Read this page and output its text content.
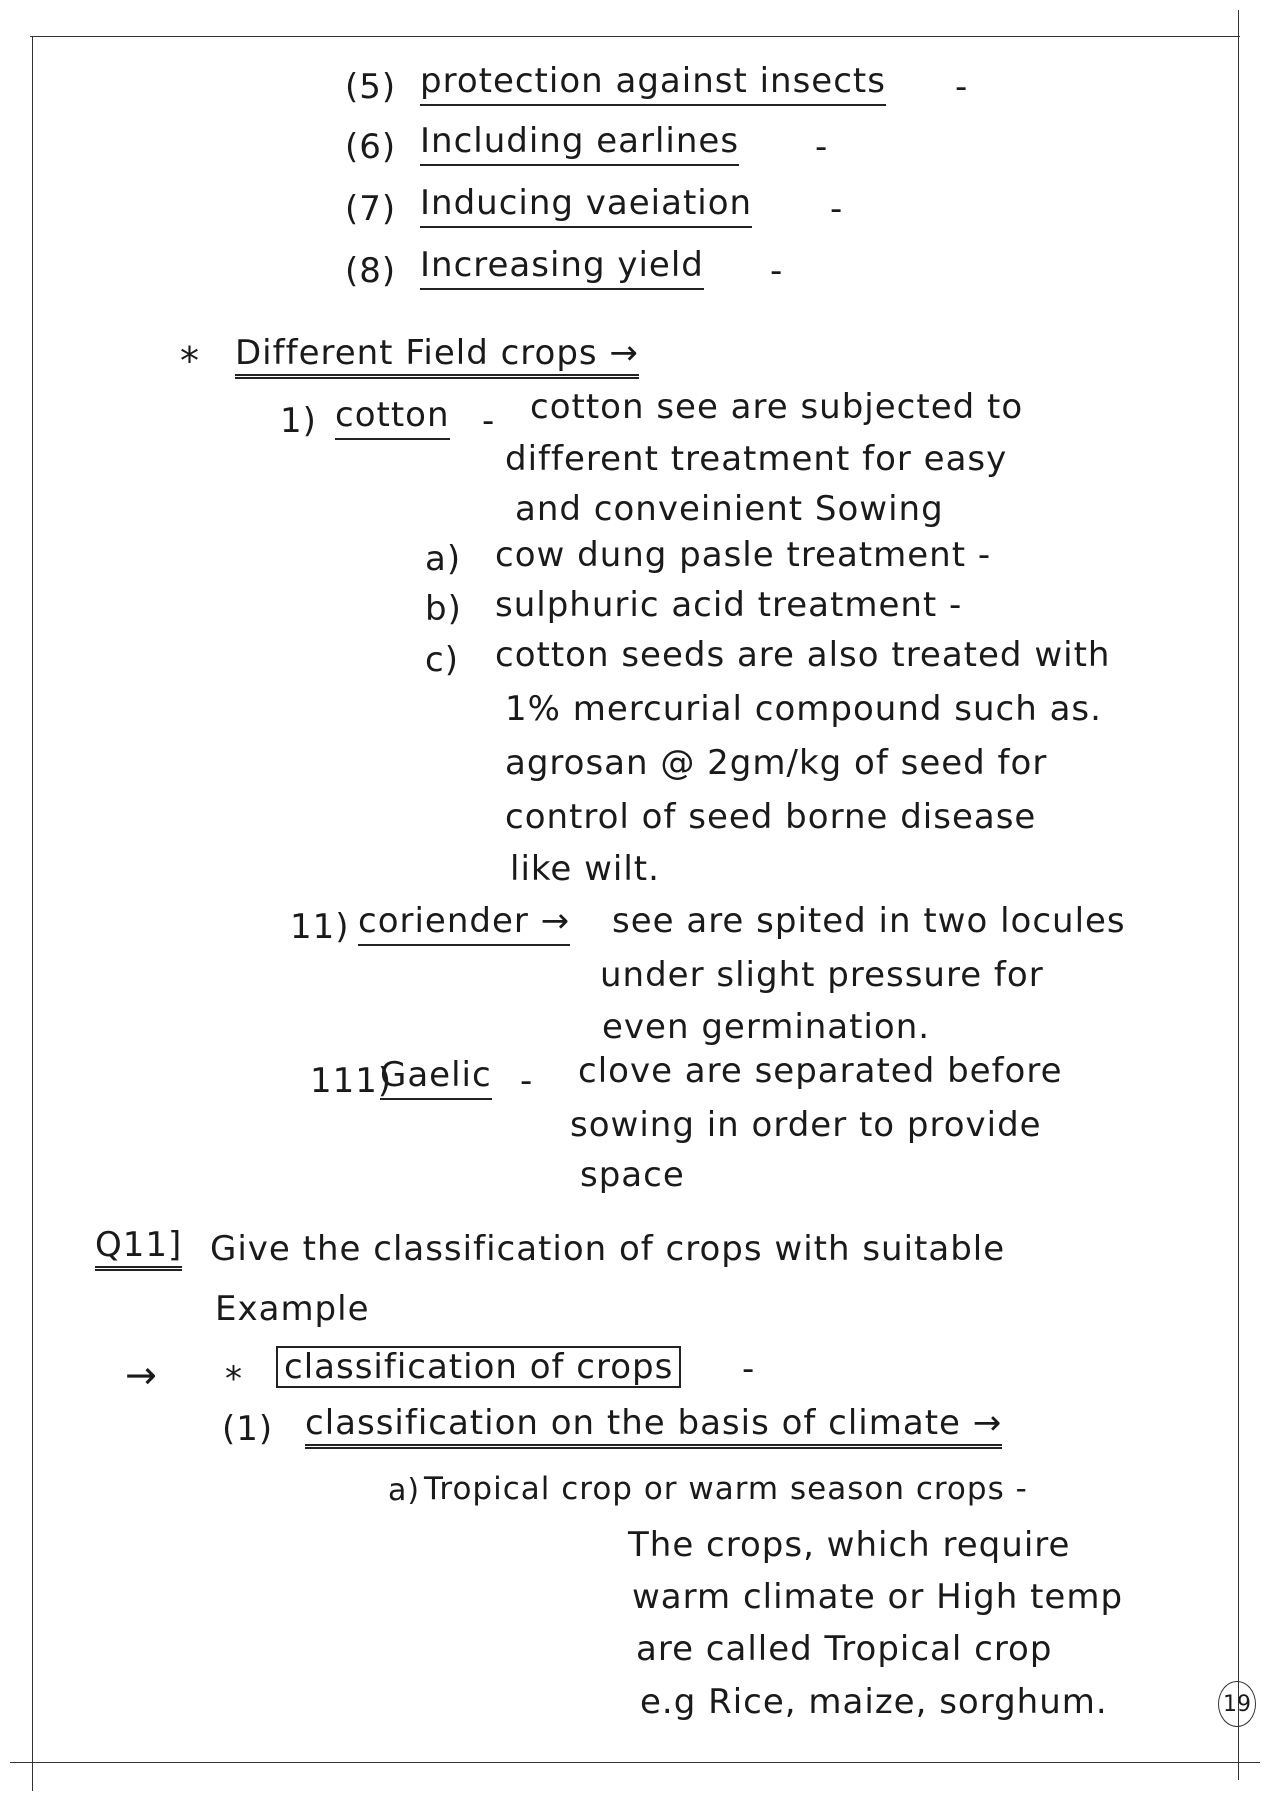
(5) protection against insects -
(6) Including earlines -
(7) Inducing vaeiation -
(8) Increasing yield -
* Different Field crops →
1) cotton - cotton see are subjected to
different treatment for easy
and conveinient Sowing
a) cow dung pasle treatment -
b) sulphuric acid treatment -
c) cotton seeds are also treated with
1% mercurial compound such as.
agrosan @ 2gm/kg of seed for
control of seed borne disease
like wilt.
11) coriender → see are spited in two locules
under slight pressure for
even germination.
111)
Gaelic - clove are separated before
sowing in order to provide
space
Q11] Give the classification of crops with suitable
Example
→ * classification of crops -
(1) classification on the basis of climate →
a) Tropical crop or warm season crops -
The crops, which require
warm climate or High temp
are called Tropical crop
e.g Rice, maize, sorghum.	19
